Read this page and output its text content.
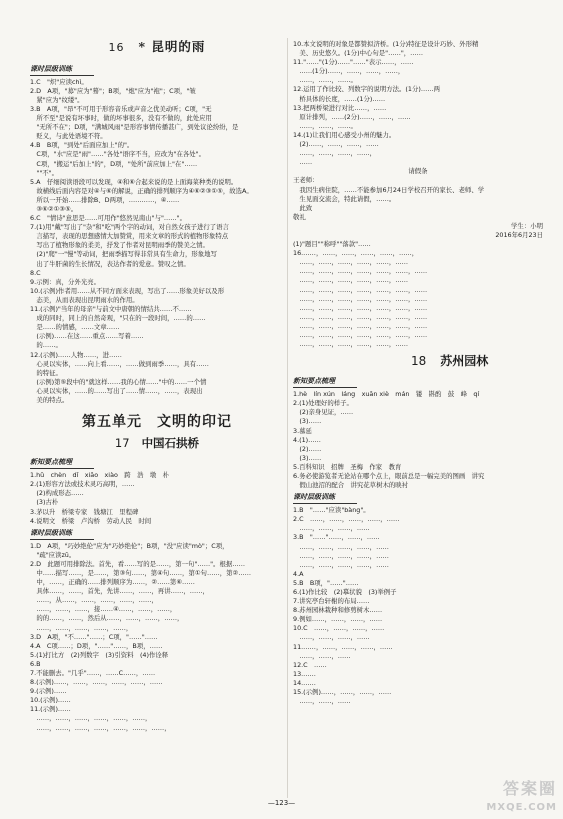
16 * 昆明的雨
课时层级训练

1.C　"炽"应读chì。

2.D　A项，"募"应为"蓦"；B项，"炮"应为"袍"；C项，"皱

　紧"应为"纹缕"。

3.B　A项，"昂"不可用于形容音乐或声音之优美动听；C项，"无

　所不至"是说有坏事时，做的坏事很多，没有不做的，此处应用

　"无所不在"；D项，"满城风雨"是形容事情传播甚广，到处议论纷纷，是

　贬义，与此处语境不符。

4.B　B项，"到处"后面应加上"的"。

　C项，"水"应是"雨"……"各处"语序不当，应改为"在各处"。

　C项，"搬运"后加上"的"，D项，"处所"前应加上"在"……

　""不"。

5.A　仔细阅读语段可以发现，④和⑥合起来说的是上面海菜种类的说明。

　故横线后面内容是对④与⑥的解说，正确的排列顺序为④⑥②③①⑤，故选A。

　所以一开始……排除B、D两项，…………，④……

　③⑥②①③⑤。

6.C　"情诗"意思是……可用作"悠然见南山"与"……"。

7.(1)用"戴"写出了"杂"和"吃"两个字的动词，对自然女孩子进行了语言

　言描写，表现的思想感情大加赞赏，用来文章的形式的植物形象特点

　写出了植物形象的柔美，抒发了作者对昆明雨季的赞美之情。

　(2)"爬"一"慢"等动词，把雨季描写得非常具有生命力，形象地写

　出了牛肝菌的生长情况，表达作者的爱意。赞叹之情。

8.C

9.示例：真，分外光亮。

10.(示例)作者用……从不同方面来表现，写出了……形象美好以及形

　态美，从而表现出昆明雨水的作用。

11.(示例)"当年的母亲"与前文中唐朝的情结共……不……

　成的同时，同上的自然奇观，"只在的一段时间，……的……

　是……的情感，……文章……

　(示例)……在这……重点……写着……

　的……。

12.(示例)……人物……，进……

　心灵以实体，……向上看……，……做到雨季……，具有……

　的特征。

　(示例)第⑤段中的"就这样……我的心情……"中的……一个情

　心灵以实体，……的……写出了……情……，……，表现出

　美的特点。

第五单元　文明的印记
17 中国石拱桥
新知要点梳理

1.hǔ　chèn　dǐ　xiāo　xiào　跨　浩　墩　朴

2.(1)形容方法或技术灵巧高明，……

　(2)构成形态……

　(3)古朴

3.茅以升　桥梁专家　钱塘江　里程碑

4.说明文　桥梁　卢沟桥　劳动人民　时间

课时层级训练

1.D　A项，"巧妙绝伦"应为"巧妙绝伦"；B项，"没"应读"mò"；C项，

　"疏"应读zū。

2.D　此题可用排除法。首先，看……写的是……，第一句"……"。根据……

　中……描写……，是……，第③句……，第④句……，第①句……，第②……

　中，……，正确的……排列顺序为……，②……第⑥……

　具体……，……，首先，先讲……，……，再讲……，……，

　……，从……，……，……，……，……，

　……，……，……，接……④……，……，……，

　的的……，……，然后从……，……，……，……，

　……，……，……，……，……，

3.D　A项，"不……"……；C项，"……"……

4.A　C项……；D项，"……"……，B项，……

5.(1)打比方　(2)列数字　(3)引资料　(4)作诠释

6.B

7.不能删去。"几乎"……，……C……，……

8.(示例)……，……，……，……，……，……

9.(示例)……

10.(示例)……

11.(示例)……

　……，……，……，……，……，……，

　……，……，……，……，……，……，……，

10.本文说明的对象是都赞拟济桥。(1分)特征是设计巧妙、外形精

　美、历史悠久。(1分)中心句是"……"，……

11."……"(1分)……"……"表示……，……

　……(1分)……，……，……，……，

　……，……，……。

12.运用了作比较、列数字的说明方法。(1分)……两

　桥具体的长度，……(1分)……

13.把两桥梁进行对比……，……

　原计排列，……(2分)……，……，……

　……，……，……。

14.(1)让我们用心感受小州的魅力。

　(2)……，……，……，……

　……，……，……，……，

　……

请假条

王老师：

　我因生病住院，……不能参加6月24日学校召开的家长、老师、学

　生见面交流会，特此请假，……。

　此致

敬礼

学生：小明

2016年6月23日

(1)"题目""称呼""落款"……

16.……，……，……，……，……，……，

　……，……，……，……，……，……

　……，……，……，……，……，……，……

　……，……，……，……，……，……

　……，……，……，……，……，……，……

　……，……，……，……，……，……，……

　……，……，……，……，……，……，……

　……，……，……，……，……，……，……

　……，……，……，……，……，……，……

　……，……，……，……，……，……，……

　……，……，……，……，……，……

18 苏州园林
新知要点梳理

1.hè　lín xún　láng　xuān xiè　mán　镂　斟酌　鼓　峰　qí

2.(1)处理好的样子。

　(2)亲身见证，……

　(3)……

3.慕延

4.(1)……

　(2)……

　(3)……

5.百科知识　招牌　圣梅　作家　教育

6.务必使游览者无论站在哪个点上，眼前总是一幅完美的图画　讲究

　假山池沼的配合　讲究花草树木的映衬

课时层级训练

1.B　"……"应读"bàng"。

2.C　……，……，……，……，……

　……，……，……，……

3.B　"……"……，……，……

　……，……，……，……，……

　……，……，……，……，……

　……，……，……，……，……

4.A

5.B　B项，"……"……

6.(1)作比较　(2)摹状貌　(3)举例子

7.讲究亭台轩榭的布局……

8.苏州园林栽种和修剪树木……

9.例如……，……，……，……

10.C　……，……，……，……

　……，……，……，……

11.……，……，……，……，……

　……，……，……

12.C　……

13.……

14.……

15.(示例)……，……，……，……

　……，……，……

—123—
答案圈
MXQE.COM
